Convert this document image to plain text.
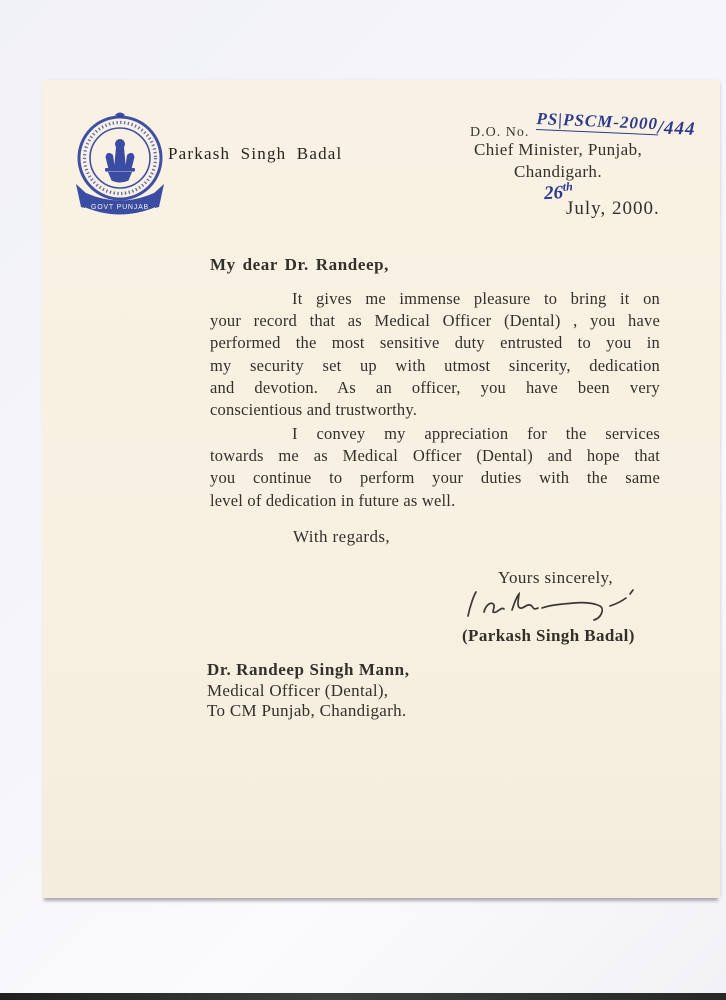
GOVT PUNJAB
Parkash Singh Badal
D.O. No. PS|PSCM-2000/444
Chief Minister, Punjab,
Chandigarh.
26th
July, 2000.
My dear Dr. Randeep,
It gives me immense pleasure to bring it on
your record that as Medical Officer (Dental) , you have
performed the most sensitive duty entrusted to you in
my security set up with utmost sincerity, dedication
and devotion. As an officer, you have been very
conscientious and trustworthy.
I convey my appreciation for the services
towards me as Medical Officer (Dental) and hope that
you continue to perform your duties with the same
level of dedication in future as well.
With regards,
Yours sincerely,
(Parkash Singh Badal)
Dr. Randeep Singh Mann,
Medical Officer (Dental),
To CM Punjab, Chandigarh.
